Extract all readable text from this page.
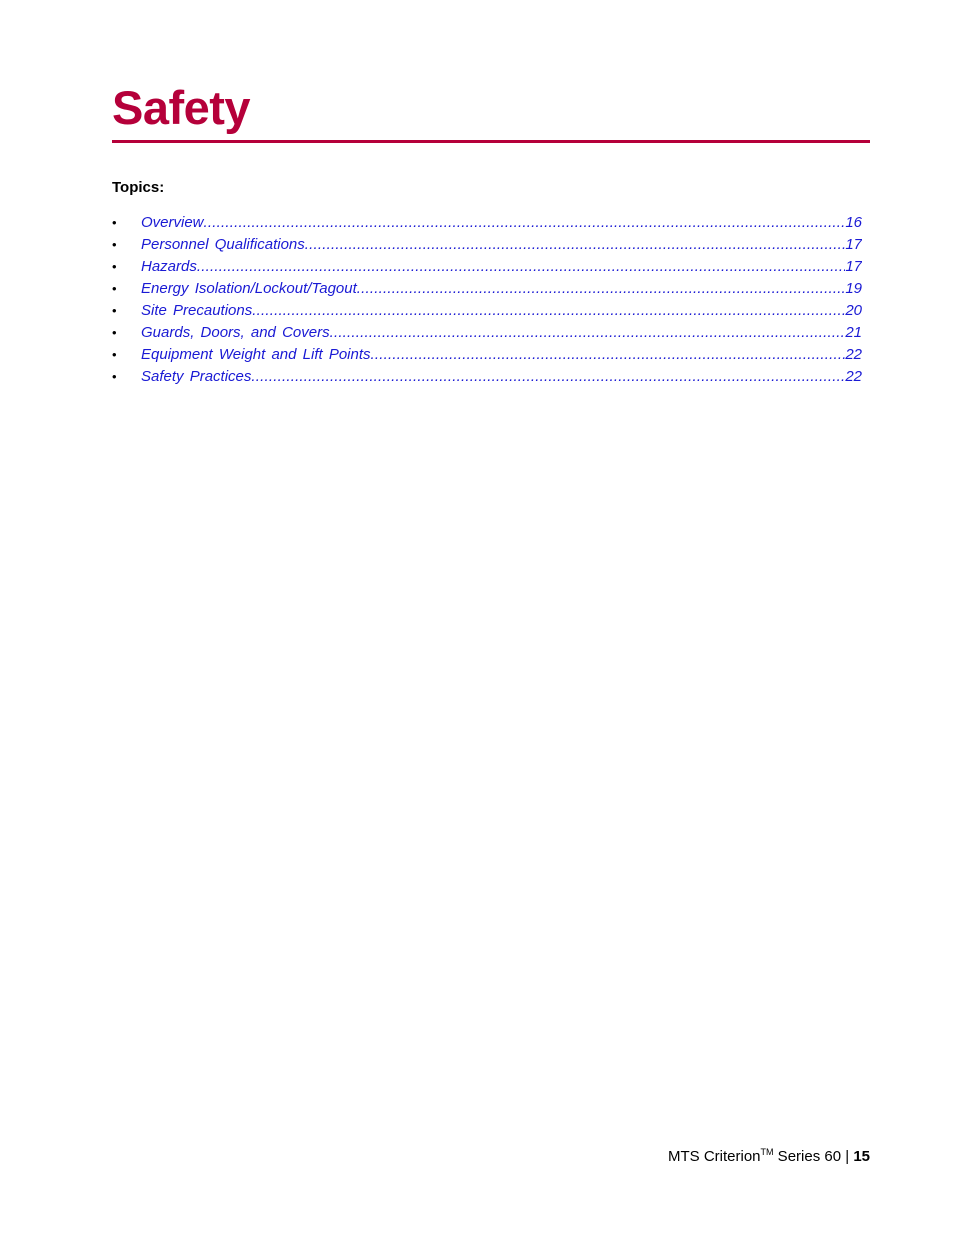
Safety
Topics:
•	Overview .....	16
•	Personnel Qualifications .....	17
•	Hazards .....	17
•	Energy Isolation/Lockout/Tagout .....	19
•	Site Precautions .....	20
•	Guards, Doors, and Covers .....	21
•	Equipment Weight and Lift Points .....	22
•	Safety Practices .....	22
MTS Criterion™ Series 60 | 15
